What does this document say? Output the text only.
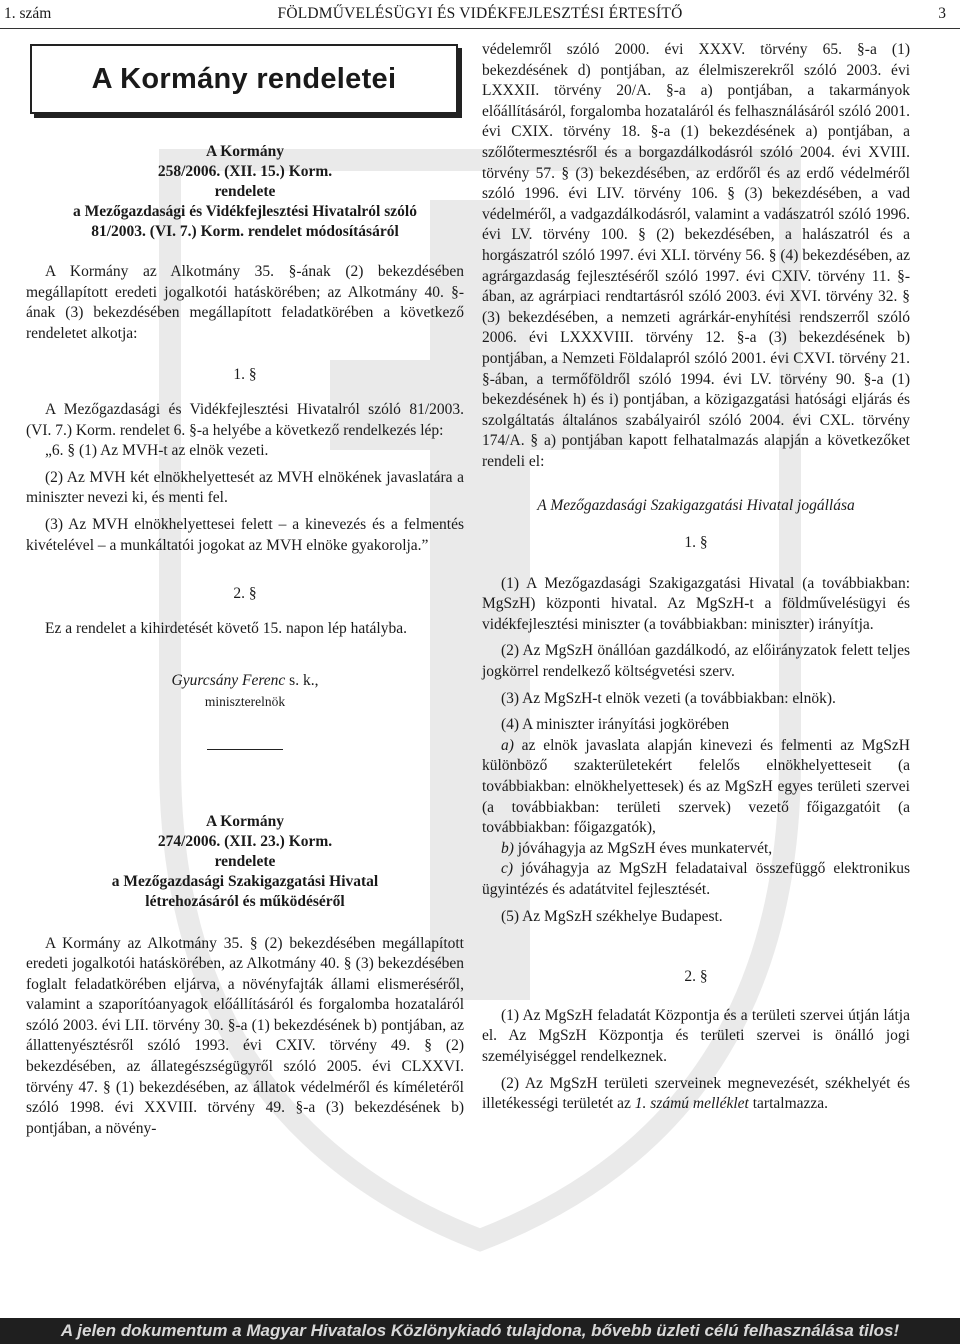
1. szám	FÖLDMŰVELÉSÜGYI ÉS VIDÉKFEJLESZTÉSI ÉRTESÍTŐ	3
A Kormány rendeletei
A Kormány
258/2006. (XII. 15.) Korm.
rendelete
a Mezőgazdasági és Vidékfejlesztési Hivatalról szóló
81/2003. (VI. 7.) Korm. rendelet módosításáról

A Kormány az Alkotmány 35. §-ának (2) bekezdésében megállapított eredeti jogalkotói hatáskörében; az Alkotmány 40. §-ának (3) bekezdésében megállapított feladatkörében a következő rendeletet alkotja:

1. §

A Mezőgazdasági és Vidékfejlesztési Hivatalról szóló 81/2003. (VI. 7.) Korm. rendelet 6. §-a helyébe a következő rendelkezés lép:

„6. § (1) Az MVH-t az elnök vezeti.

(2) Az MVH két elnökhelyettesét az MVH elnökének javaslatára a miniszter nevezi ki, és menti fel.

(3) Az MVH elnökhelyettesei felett – a kinevezés és a felmentés kivételével – a munkáltatói jogokat az MVH elnöke gyakorolja.”

2. §

Ez a rendelet a kihirdetését követő 15. napon lép hatályba.

Gyurcsány Ferenc s. k.,

miniszterelnök

A Kormány
274/2006. (XII. 23.) Korm.
rendelete
a Mezőgazdasági Szakigazgatási Hivatal
létrehozásáról és működéséről

A Kormány az Alkotmány 35. § (2) bekezdésében megállapított eredeti jogalkotói hatáskörében, az Alkotmány 40. § (3) bekezdésében foglalt feladatkörében eljárva, a növényfajták állami elismeréséről, valamint a szaporítóanyagok előállításáról és forgalomba hozataláról szóló 2003. évi LII. törvény 30. §-a (1) bekezdésének b) pontjában, az állattenyésztésről szóló 1993. évi CXIV. törvény 49. § (2) bekezdésében, az állategészségügyről szóló 2005. évi CLXXVI. törvény 47. § (1) bekezdésében, az állatok védelméről és kíméletéről szóló 1998. évi XXVIII. törvény 49. §-a (3) bekezdésének b) pontjában, a növény-

védelemről szóló 2000. évi XXXV. törvény 65. §-a (1) bekezdésének d) pontjában, az élelmiszerekről szóló 2003. évi LXXXII. törvény 20/A. §-a a) pontjában, a takarmányok előállításáról, forgalomba hozataláról és felhasználásáról szóló 2001. évi CXIX. törvény 18. §-a (1) bekezdésének a) pontjában, a szőlőtermesztésről és a borgazdálkodásról szóló 2004. évi XVIII. törvény 57. § (3) bekezdésében, az erdőről és az erdő védelméről szóló 1996. évi LIV. törvény 106. § (3) bekezdésében, a vad védelméről, a vadgazdálkodásról, valamint a vadászatról szóló 1996. évi LV. törvény 100. § (2) bekezdésében, a halászatról és a horgászatról szóló 1997. évi XLI. törvény 56. § (4) bekezdésében, az agrárgazdaság fejlesztéséről szóló 1997. évi CXIV. törvény 11. §-ában, az agrárpiaci rendtartásról szóló 2003. évi XVI. törvény 32. § (3) bekezdésében, a nemzeti agrárkár-enyhítési rendszerről szóló 2006. évi LXXXVIII. törvény 12. §-a (3) bekezdésének b) pontjában, a Nemzeti Földalapról szóló 2001. évi CXVI. törvény 21. §-ában, a termőföldről szóló 1994. évi LV. törvény 90. §-a (1) bekezdésének h) és i) pontjában, a közigazgatási hatósági eljárás és szolgáltatás általános szabályairól szóló 2004. évi CXL. törvény 174/A. § a) pontjában kapott felhatalmazás alapján a következőket rendeli el:

A Mezőgazdasági Szakigazgatási Hivatal jogállása

1. §

(1) A Mezőgazdasági Szakigazgatási Hivatal (a továbbiakban: MgSzH) központi hivatal. Az MgSzH-t a földművelésügyi és vidékfejlesztési miniszter (a továbbiakban: miniszter) irányítja.

(2) Az MgSzH önállóan gazdálkodó, az előirányzatok felett teljes jogkörrel rendelkező költségvetési szerv.

(3) Az MgSzH-t elnök vezeti (a továbbiakban: elnök).

(4) A miniszter irányítási jogkörében

a) az elnök javaslata alapján kinevezi és felmenti az MgSzH különböző szakterületekért felelős elnökhelyetteseit (a továbbiakban: elnökhelyettesek) és az MgSzH egyes területi szervei (a továbbiakban: területi szervek) vezető főigazgatóit (a továbbiakban: főigazgatók),

b) jóváhagyja az MgSzH éves munkatervét,

c) jóváhagyja az MgSzH feladataival összefüggő elektronikus ügyintézés és adatátvitel fejlesztését.

(5) Az MgSzH székhelye Budapest.

2. §

(1) Az MgSzH feladatát Központja és a területi szervei útján látja el. Az MgSzH Központja és területi szervei is önálló jogi személyiséggel rendelkeznek.

(2) Az MgSzH területi szerveinek megnevezését, székhelyét és illetékességi területét az 1. számú melléklet tartalmazza.

A jelen dokumentum a Magyar Hivatalos Közlönykiadó tulajdona, bővebb üzleti célú felhasználása tilos!
